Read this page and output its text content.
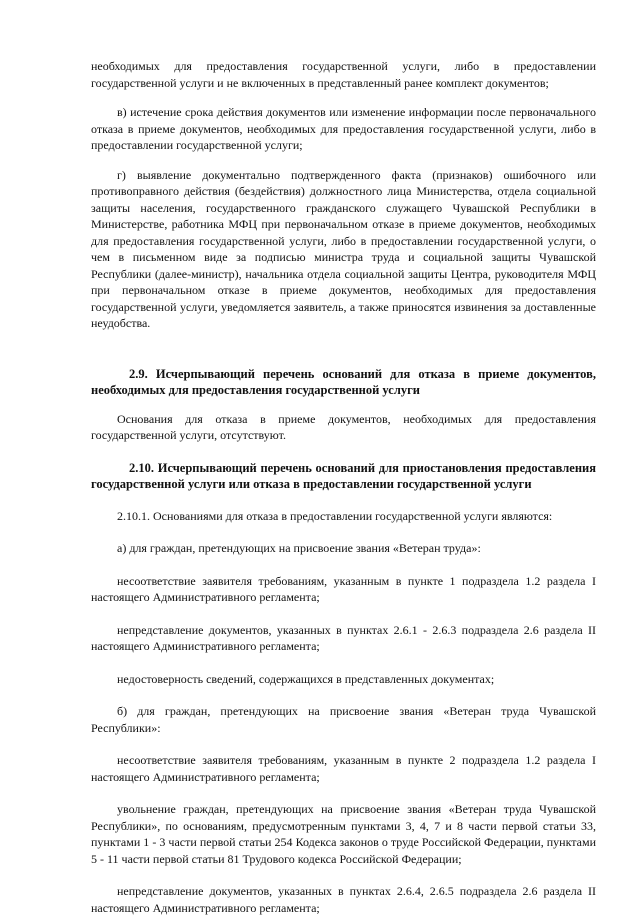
необходимых для предоставления государственной услуги, либо в предоставлении государственной услуги и не включенных в представленный ранее комплект документов;

в) истечение срока действия документов или изменение информации после первоначального отказа в приеме документов, необходимых для предоставления государственной услуги, либо в предоставлении государственной услуги;

г) выявление документально подтвержденного факта (признаков) ошибочного или противоправного действия (бездействия) должностного лица Министерства, отдела социальной защиты населения, государственного гражданского служащего Чувашской Республики в Министерстве, работника МФЦ при первоначальном отказе в приеме документов, необходимых для предоставления государственной услуги, либо в предоставлении государственной услуги, о чем в письменном виде за подписью министра труда и социальной защиты Чувашской Республики (далее-министр), начальника отдела социальной защиты Центра, руководителя МФЦ при первоначальном отказе в приеме документов, необходимых для предоставления государственной услуги, уведомляется заявитель, а также приносятся извинения за доставленные неудобства.

2.9. Исчерпывающий перечень оснований для отказа в приеме документов, необходимых для предоставления государственной услуги

Основания для отказа в приеме документов, необходимых для предоставления государственной услуги, отсутствуют.

2.10. Исчерпывающий перечень оснований для приостановления предоставления государственной услуги или отказа в предоставлении государственной услуги

2.10.1. Основаниями для отказа в предоставлении государственной услуги являются:

а) для граждан, претендующих на присвоение звания «Ветеран труда»:

несоответствие заявителя требованиям, указанным в пункте 1 подраздела 1.2 раздела I настоящего Административного регламента;

непредставление документов, указанных в пунктах 2.6.1 - 2.6.3 подраздела 2.6 раздела II настоящего Административного регламента;

недостоверность сведений, содержащихся в представленных документах;

б) для граждан, претендующих на присвоение звания «Ветеран труда Чувашской Республики»:

несоответствие заявителя требованиям, указанным в пункте 2 подраздела 1.2 раздела I настоящего Административного регламента;

увольнение граждан, претендующих на присвоение звания «Ветеран труда Чувашской Республики», по основаниям, предусмотренным пунктами 3, 4, 7 и 8 части первой статьи 33, пунктами 1 - 3 части первой статьи 254 Кодекса законов о труде Российской Федерации, пунктами 5 - 11 части первой статьи 81 Трудового кодекса Российской Федерации;

непредставление документов, указанных в пунктах 2.6.4, 2.6.5 подраздела 2.6 раздела II настоящего Административного регламента;
